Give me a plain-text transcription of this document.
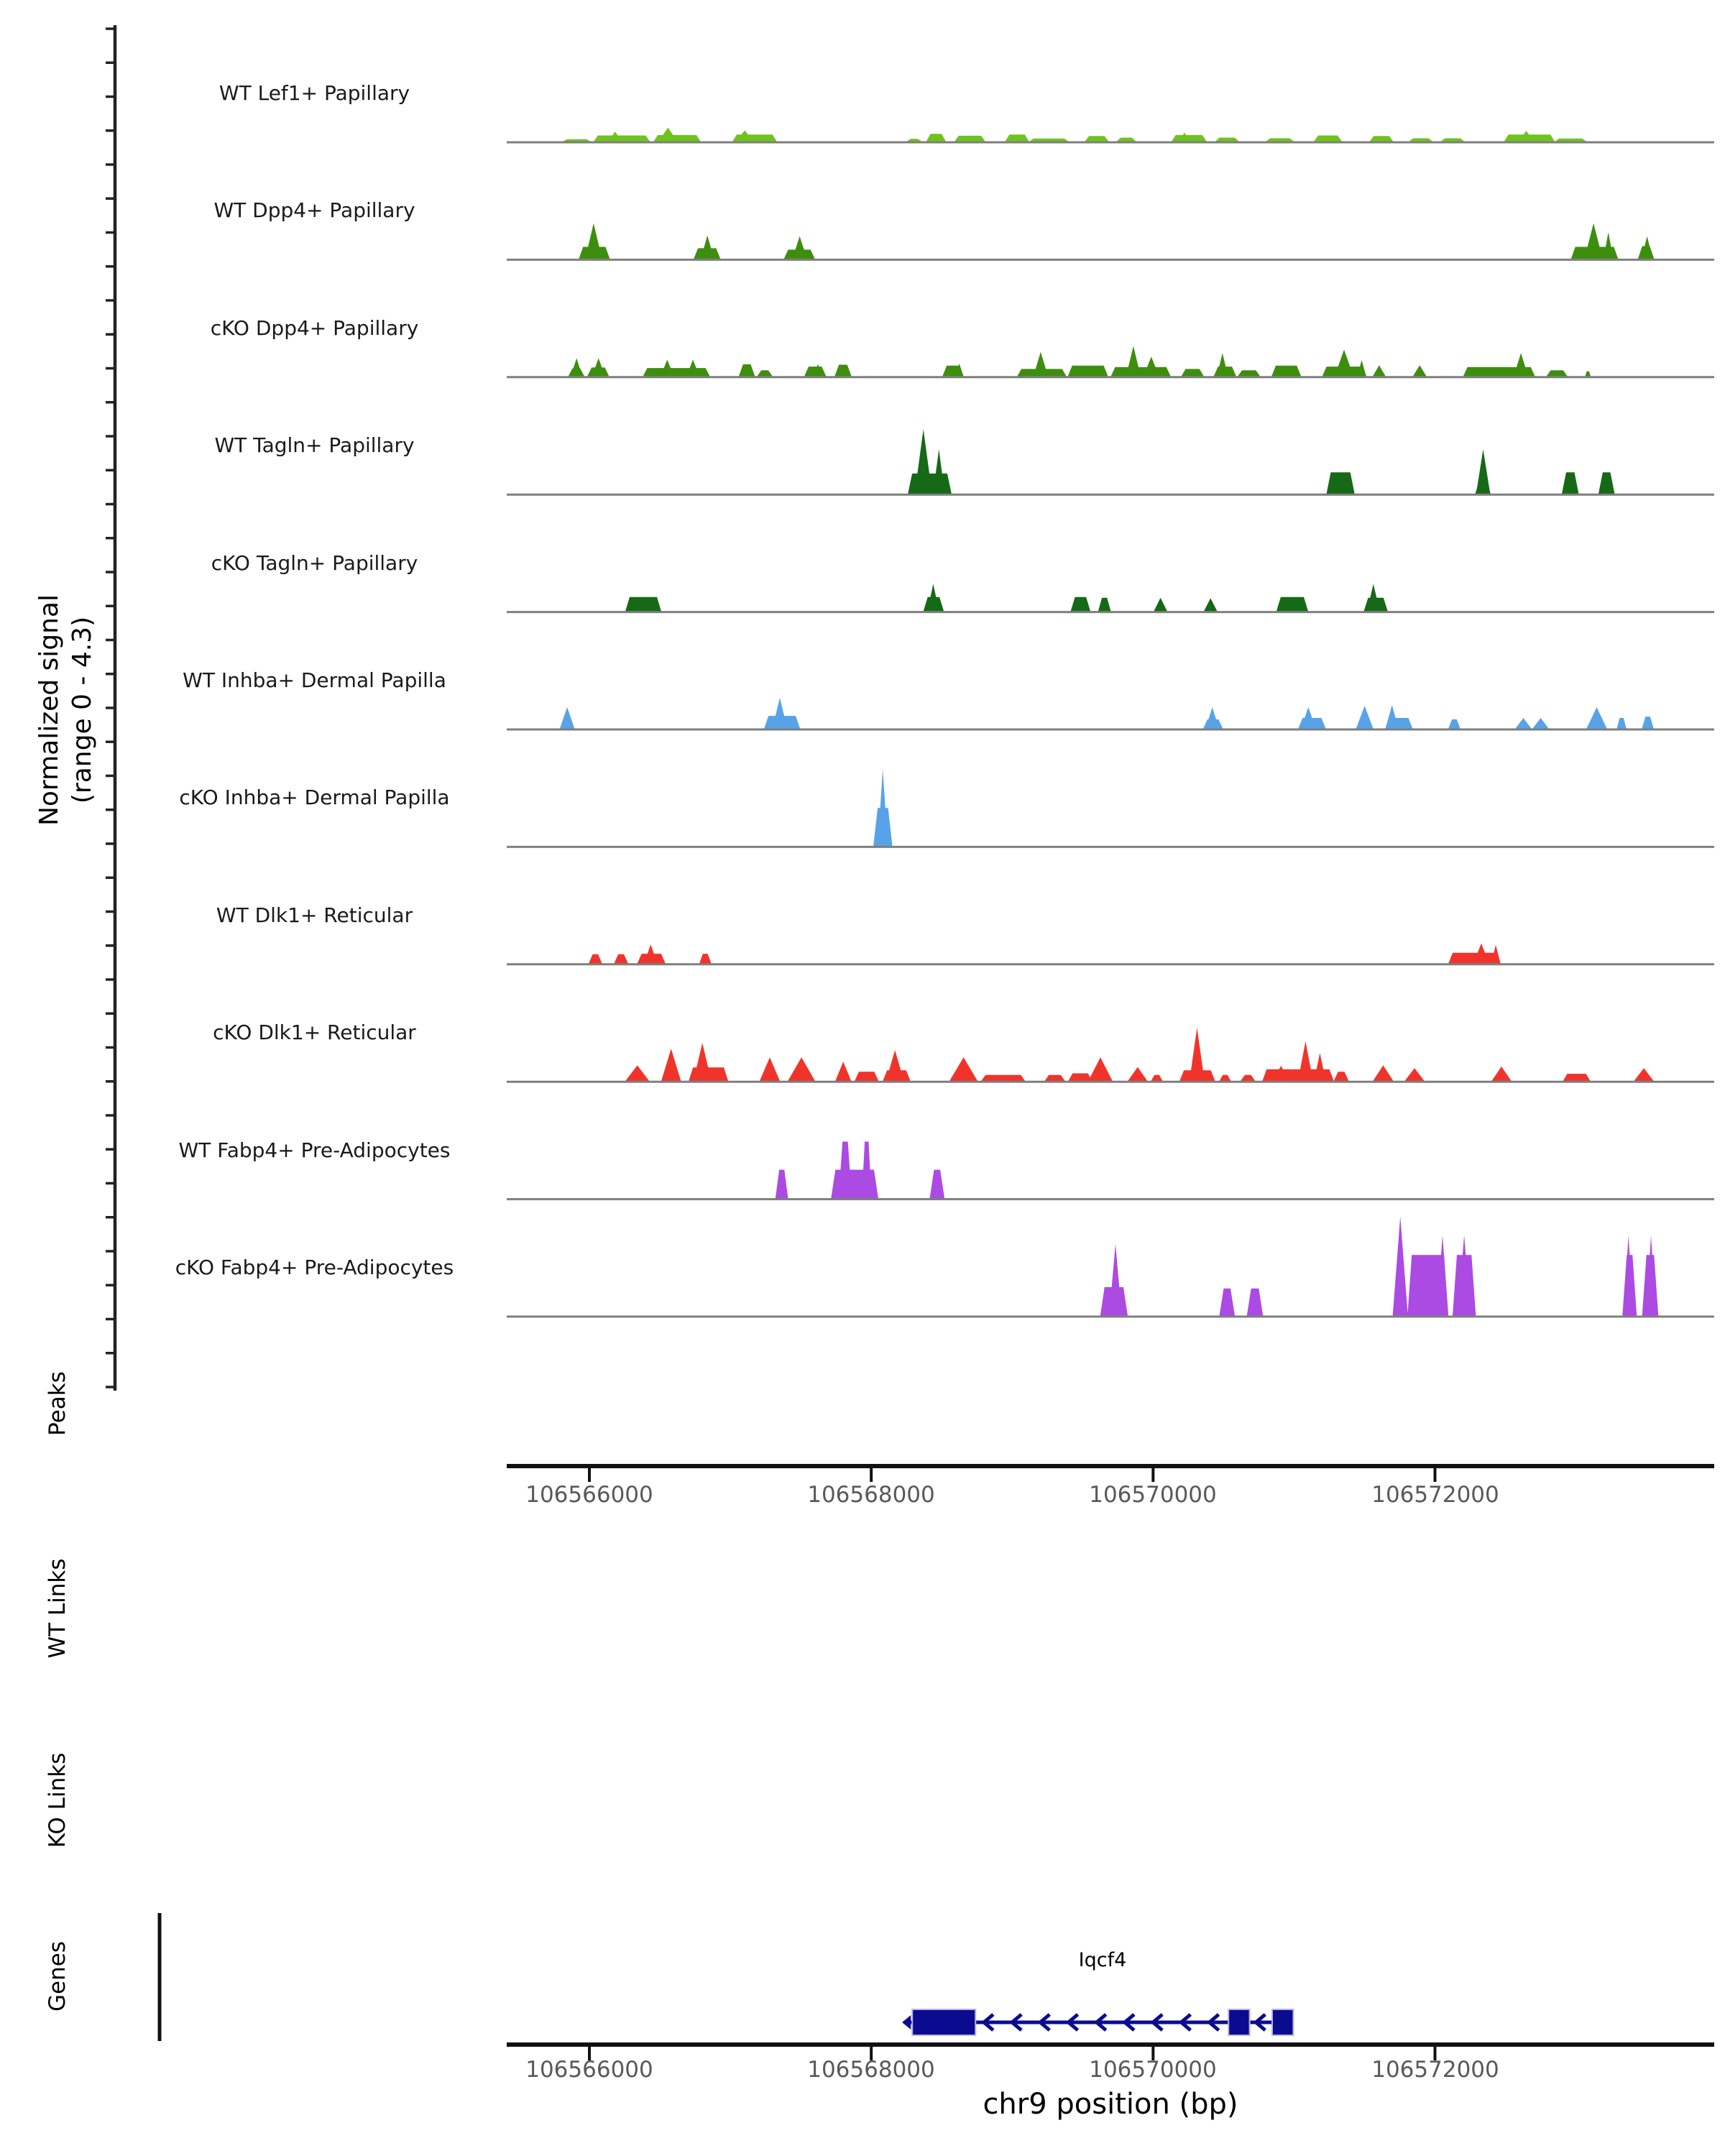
Normalized signal (range 0 - 4.3)
WT Lef1+ Papillary
WT Dpp4+ Papillary
cKO Dpp4+ Papillary
WT Tagln+ Papillary
cKO Tagln+ Papillary
WT Inhba+ Dermal Papilla
cKO Inhba+ Dermal Papilla
WT Dlk1+ Reticular
cKO Dlk1+ Reticular
WT Fabp4+ Pre-Adipocytes
cKO Fabp4+ Pre-Adipocytes
Peaks
WT Links
KO Links
Genes
106566000	106568000	106570000	106572000
Iqcf4
106566000	106568000	106570000	106572000
chr9 position (bp)
